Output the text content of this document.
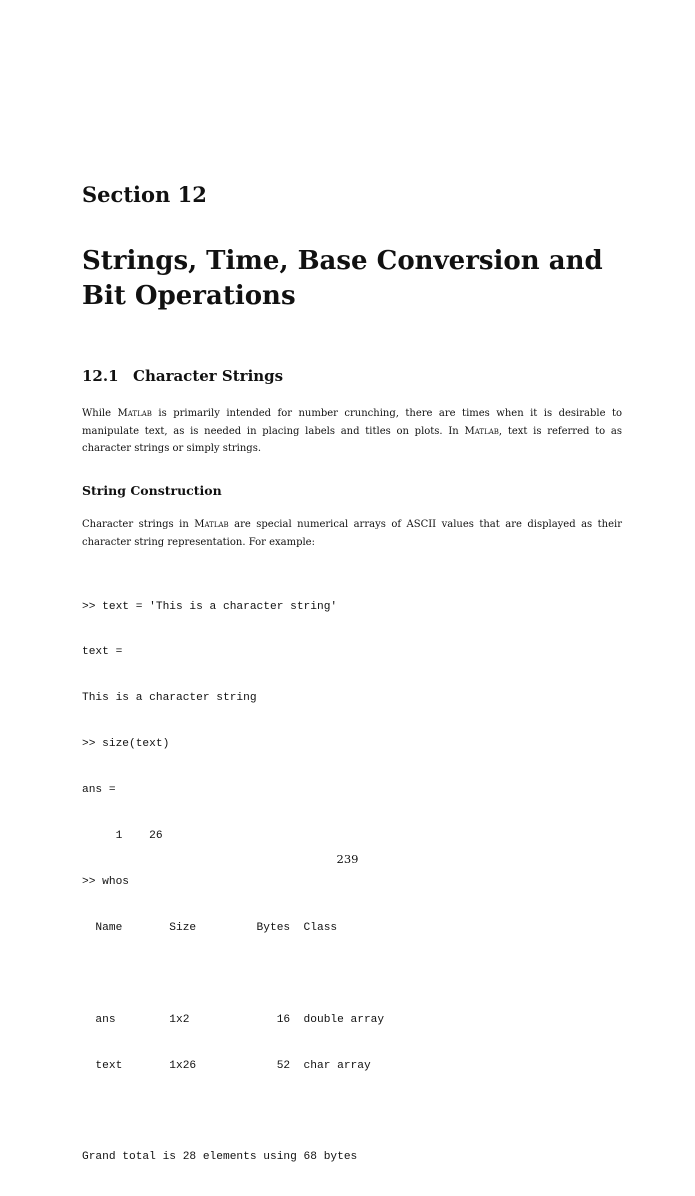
Section 12
Strings, Time, Base Conversion and
Bit Operations
12.1 Character Strings

While Matlab is primarily intended for number crunching, there are times when it is desirable to manipulate text, as is needed in placing labels and titles on plots. In Matlab, text is referred to as character strings or simply strings.

String Construction

Character strings in Matlab are special numerical arrays of ASCII values that are displayed as their character string representation. For example:

>> text = 'This is a character string'

text =

This is a character string

>> size(text)

ans =

1    26

>> whos

Name       Size         Bytes  Class

ans        1x2             16  double array

text       1x26            52  char array

Grand total is 28 elements using 68 bytes

239
